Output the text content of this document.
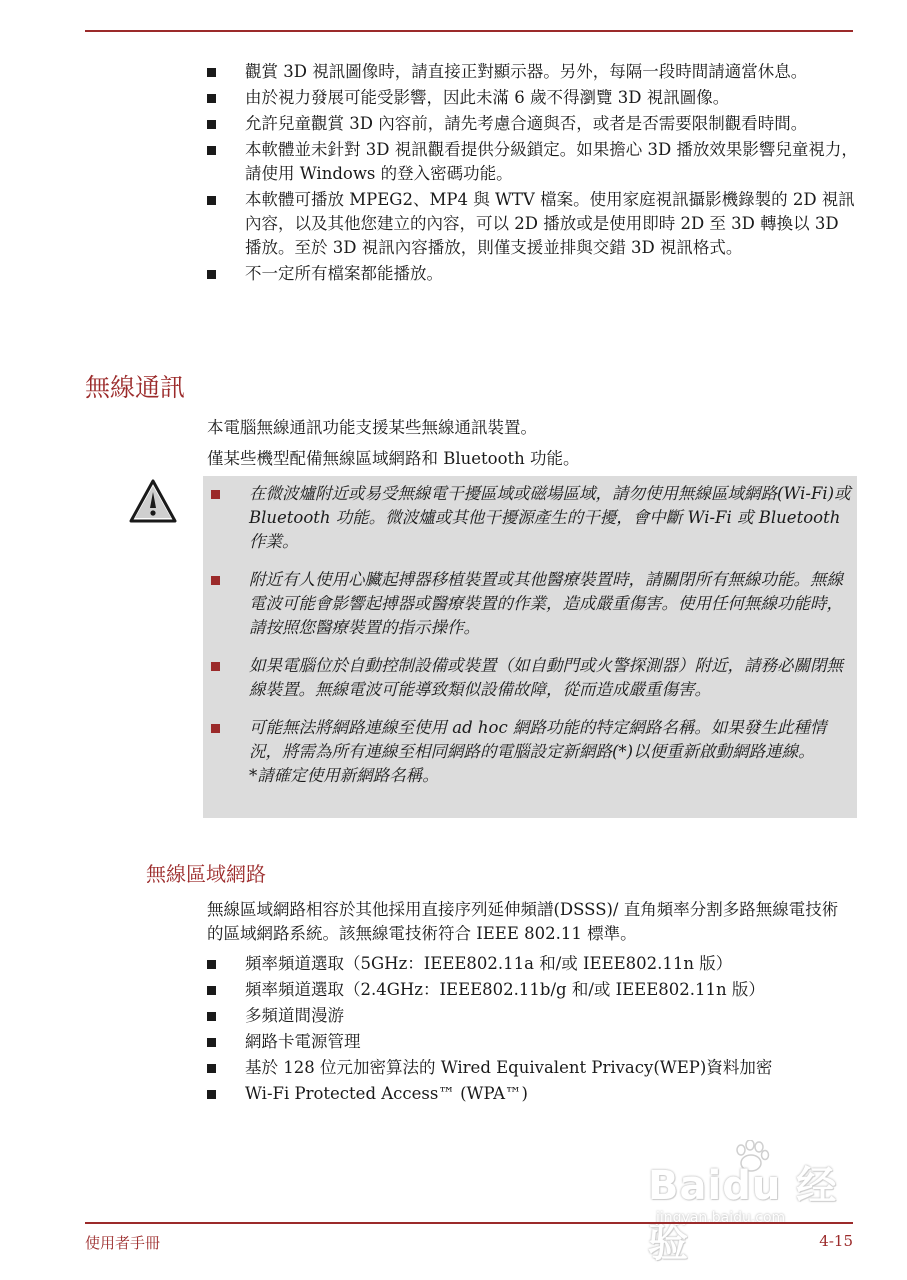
觀賞 3D 視訊圖像時，請直接正對顯示器。另外，每隔一段時間請適當休息。
由於視力發展可能受影響，因此未滿 6 歲不得瀏覽 3D 視訊圖像。
允許兒童觀賞 3D 內容前，請先考慮合適與否，或者是否需要限制觀看時間。
本軟體並未針對 3D 視訊觀看提供分級鎖定。如果擔心 3D 播放效果影響兒童視力，請使用 Windows 的登入密碼功能。
本軟體可播放 MPEG2、MP4 與 WTV 檔案。使用家庭視訊攝影機錄製的 2D 視訊內容，以及其他您建立的內容，可以 2D 播放或是使用即時 2D 至 3D 轉換以 3D 播放。至於 3D 視訊內容播放，則僅支援並排與交錯 3D 視訊格式。
不一定所有檔案都能播放。
無線通訊

本電腦無線通訊功能支援某些無線通訊裝置。

僅某些機型配備無線區域網路和 Bluetooth 功能。

在微波爐附近或易受無線電干擾區域或磁場區域，請勿使用無線區域網路(Wi-Fi)或 Bluetooth 功能。微波爐或其他干擾源產生的干擾，會中斷 Wi-Fi 或 Bluetooth 作業。
附近有人使用心臟起搏器移植裝置或其他醫療裝置時，請關閉所有無線功能。無線電波可能會影響起搏器或醫療裝置的作業，造成嚴重傷害。使用任何無線功能時，請按照您醫療裝置的指示操作。
如果電腦位於自動控制設備或裝置（如自動門或火警探測器）附近，請務必關閉無線裝置。無線電波可能導致類似設備故障，從而造成嚴重傷害。
可能無法將網路連線至使用 ad hoc 網路功能的特定網路名稱。如果發生此種情況，將需為所有連線至相同網路的電腦設定新網路(*)以便重新啟動網路連線。
*請確定使用新網路名稱。
無線區域網路

無線區域網路相容於其他採用直接序列延伸頻譜(DSSS)/ 直角頻率分割多路無線電技術的區域網路系統。該無線電技術符合 IEEE 802.11 標準。

頻率頻道選取（5GHz：IEEE802.11a 和/或 IEEE802.11n 版）
頻率頻道選取（2.4GHz：IEEE802.11b/g 和/或 IEEE802.11n 版）
多頻道間漫游
網路卡電源管理
基於 128 位元加密算法的 Wired Equivalent Privacy(WEP)資料加密
Wi-Fi Protected Access™ (WPA™)
Baidu 经验
jingyan.baidu.com
使用者手冊	4-15
